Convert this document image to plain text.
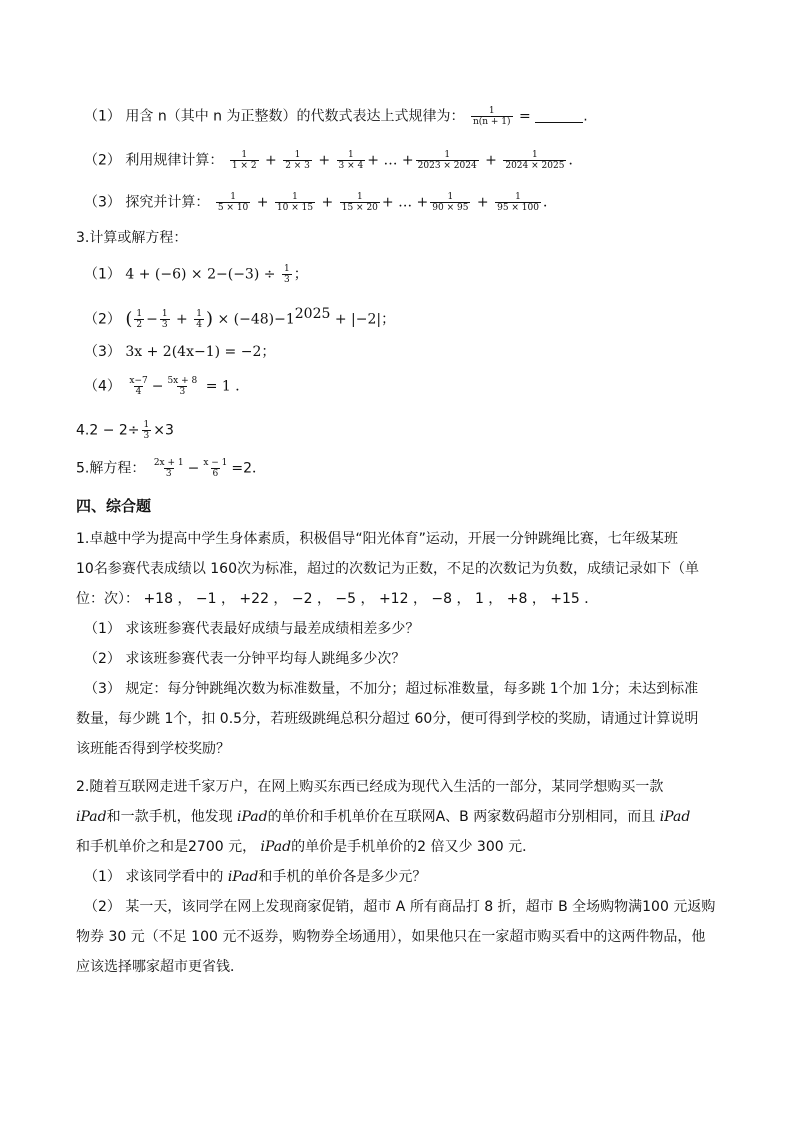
（1） 用含 n（其中 n 为正整数）的代数式表达上式规律为： $\frac{1}{n(n + 1)}$ =	.
（2） 利用规律计算： $\frac{1}{1 \times 2} + \frac{1}{2 \times 3} + \frac{1}{3 \times 4}$ + … + $\frac{1}{2023 \times 2024} + \frac{1}{2024 \times 2025}$ ．
（3） 探究并计算： $\frac{1}{5 \times 10} + \frac{1}{10 \times 15} + \frac{1}{15 \times 20}$ + … + $\frac{1}{90 \times 95} + \frac{1}{95 \times 100}$ ．
3.计算或解方程：
（1） $4 + (-6) \times 2-(-3) \div \frac{1}{3}$ ；
（2） ( $\frac{1}{2} - \frac{1}{3} + \frac{1}{4}$ ) × $(-48)-1^{2025} + |-2|$；
（3） 3x + 2(4x−1) = −2；
$(4) \frac{x-7}{4} - \frac{5x + 8}{3} = 1$ ．
$4.2 - 2\div \frac{1}{3} \times 3$
5.解方程： $\frac{2x + 1}{3} - \frac{x - 1}{6} =2$．
四、综合题
1.卓越中学为提高中学生身体素质，积极倡导“阳光体育”运动，开展一分钟跳绳比赛，七年级某班
10名参赛代表成绩以 160次为标准，超过的次数记为正数，不足的次数记为负数，成绩记录如下（单
位：次）： +18 ， −1 ， +22 ， −2 ， −5 ， +12 ， −8 ， 1 ， +8 ， +15 ．
（1） 求该班参赛代表最好成绩与最差成绩相差多少？
（2） 求该班参赛代表一分钟平均每人跳绳多少次？
（3） 规定：每分钟跳绳次数为标准数量，不加分；超过标准数量，每多跳 1个加 1分；未达到标准
数量，每少跳 1个，扣 0.5分，若班级跳绳总积分超过 60分，便可得到学校的奖励，请通过计算说明
该班能否得到学校奖励？
2.随着互联网走进千家万户，在网上购买东西已经成为现代入生活的一部分，某同学想购买一款
iPad和一款手机，他发现 iPad的单价和手机单价在互联网A、B 两家数码超市分别相同，而且 iPad
和手机单价之和是2700 元， iPad的单价是手机单价的2 倍又少 300 元．
（1） 求该同学看中的 iPad和手机的单价各是多少元？
（2） 某一天，该同学在网上发现商家促销，超市 A 所有商品打 8 折，超市 B 全场购物满100 元返购
物券 30 元（不足 100 元不返券，购物券全场通用），如果他只在一家超市购买看中的这两件物品，他
应该选择哪家超市更省钱．
